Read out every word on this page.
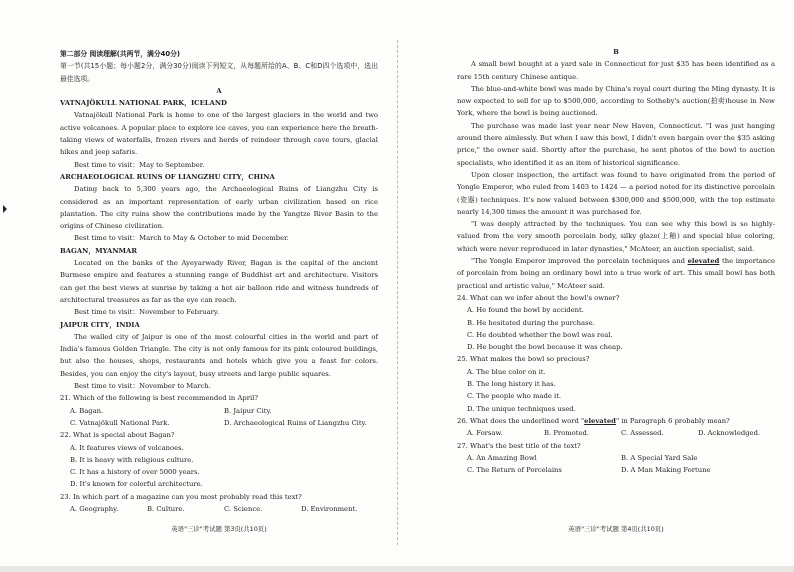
第二部分 阅读理解(共两节，满分40分)

第一节(共15小题；每小题2分，满分30分)阅读下列短文，从每题所给的A、B、C和D四个选项中，选出最佳选项。

A

VATNAJÖKULL NATIONAL PARK，ICELAND

Vatnajökull National Park is home to one of the largest glaciers in the world and two active volcanoes. A popular place to explore ice caves, you can experience here the breath-taking views of waterfalls, frozen rivers and herds of reindeer through cave tours, glacial hikes and jeep safaris.

Best time to visit：May to September.

ARCHAEOLOGICAL RUINS OF LIANGZHU CITY，CHINA

Dating back to 5,300 years ago, the Archaeological Ruins of Liangzhu City is considered as an important representation of early urban civilization based on rice plantation. The city ruins show the contributions made by the Yangtze River Basin to the origins of Chinese civilization.

Best time to visit：March to May & October to mid December.

BAGAN，MYANMAR

Located on the banks of the Ayeyarwady River, Bagan is the capital of the ancient Burmese empire and features a stunning range of Buddhist art and architecture. Visitors can get the best views at sunrise by taking a hot air balloon ride and witness hundreds of architectural treasures as far as the eye can reach.

Best time to visit：November to February.

JAIPUR CITY，INDIA

The walled city of Jaipur is one of the most colourful cities in the world and part of India's famous Golden Triangle. The city is not only famous for its pink coloured buildings, but also the houses, shops, restaurants and hotels which give you a feast for colors. Besides, you can enjoy the city's layout, busy streets and large public squares.

Best time to visit：November to March.

21. Which of the following is best recommended in April?

A. Bagan.	B. Jaipur City.
C. Vatnajökull National Park.	D. Archaeological Ruins of Liangzhu City.

22. What is special about Bagan?

A. It features views of volcanoes.

B. It is heavy with religious culture.

C. It has a history of over 5000 years.

D. It's known for colorful architecture.

23. In which part of a magazine can you most probably read this text?

A. Geography.	B. Culture.	C. Science.	D. Environment.
英语"三诊"考试题 第3页(共10页)

B

A small bowl bought at a yard sale in Connecticut for just $35 has been identified as a rare 15th century Chinese antique.

The blue-and-white bowl was made by China's royal court during the Ming dynasty. It is now expected to sell for up to $500,000, according to Sotheby's auction(拍卖)house in New York, where the bowl is being auctioned.

The purchase was made last year near New Haven, Connecticut. "I was just hanging around there aimlessly. But when I saw this bowl, I didn't even bargain over the $35 asking price," the owner said. Shortly after the purchase, he sent photos of the bowl to auction specialists, who identified it as an item of historical significance.

Upon closer inspection, the artifact was found to have originated from the period of Yongle Emperor, who ruled from 1403 to 1424 — a period noted for its distinctive porcelain (瓷器) techniques. It's now valued between $300,000 and $500,000, with the top estimate nearly 14,300 times the amount it was purchased for.

"I was deeply attracted by the techniques. You can see why this bowl is so highly-valued from the very smooth porcelain body, silky glaze(上釉) and special blue coloring, which were never reproduced in later dynasties," McAteer, an auction specialist, said.

"The Yongle Emperor improved the porcelain techniques and elevated the importance of porcelain from being an ordinary bowl into a true work of art. This small bowl has both practical and artistic value," McAteer said.

24. What can we infer about the bowl's owner?

A. He found the bowl by accident.

B. He hesitated during the purchase.

C. He doubted whether the bowl was real.

D. He bought the bowl because it was cheap.

25. What makes the bowl so precious?

A. The blue color on it.

B. The long history it has.

C. The people who made it.

D. The unique techniques used.

26. What does the underlined word "elevated" in Paragraph 6 probably mean?

A. Forsaw.	B. Promoted.	C. Assessed.	D. Acknowledged.

27. What's the best title of the text?

A. An Amazing Bowl	B. A Special Yard Sale
C. The Return of Porcelains	D. A Man Making Fortune
英语"三诊"考试题 第4页(共10页)
